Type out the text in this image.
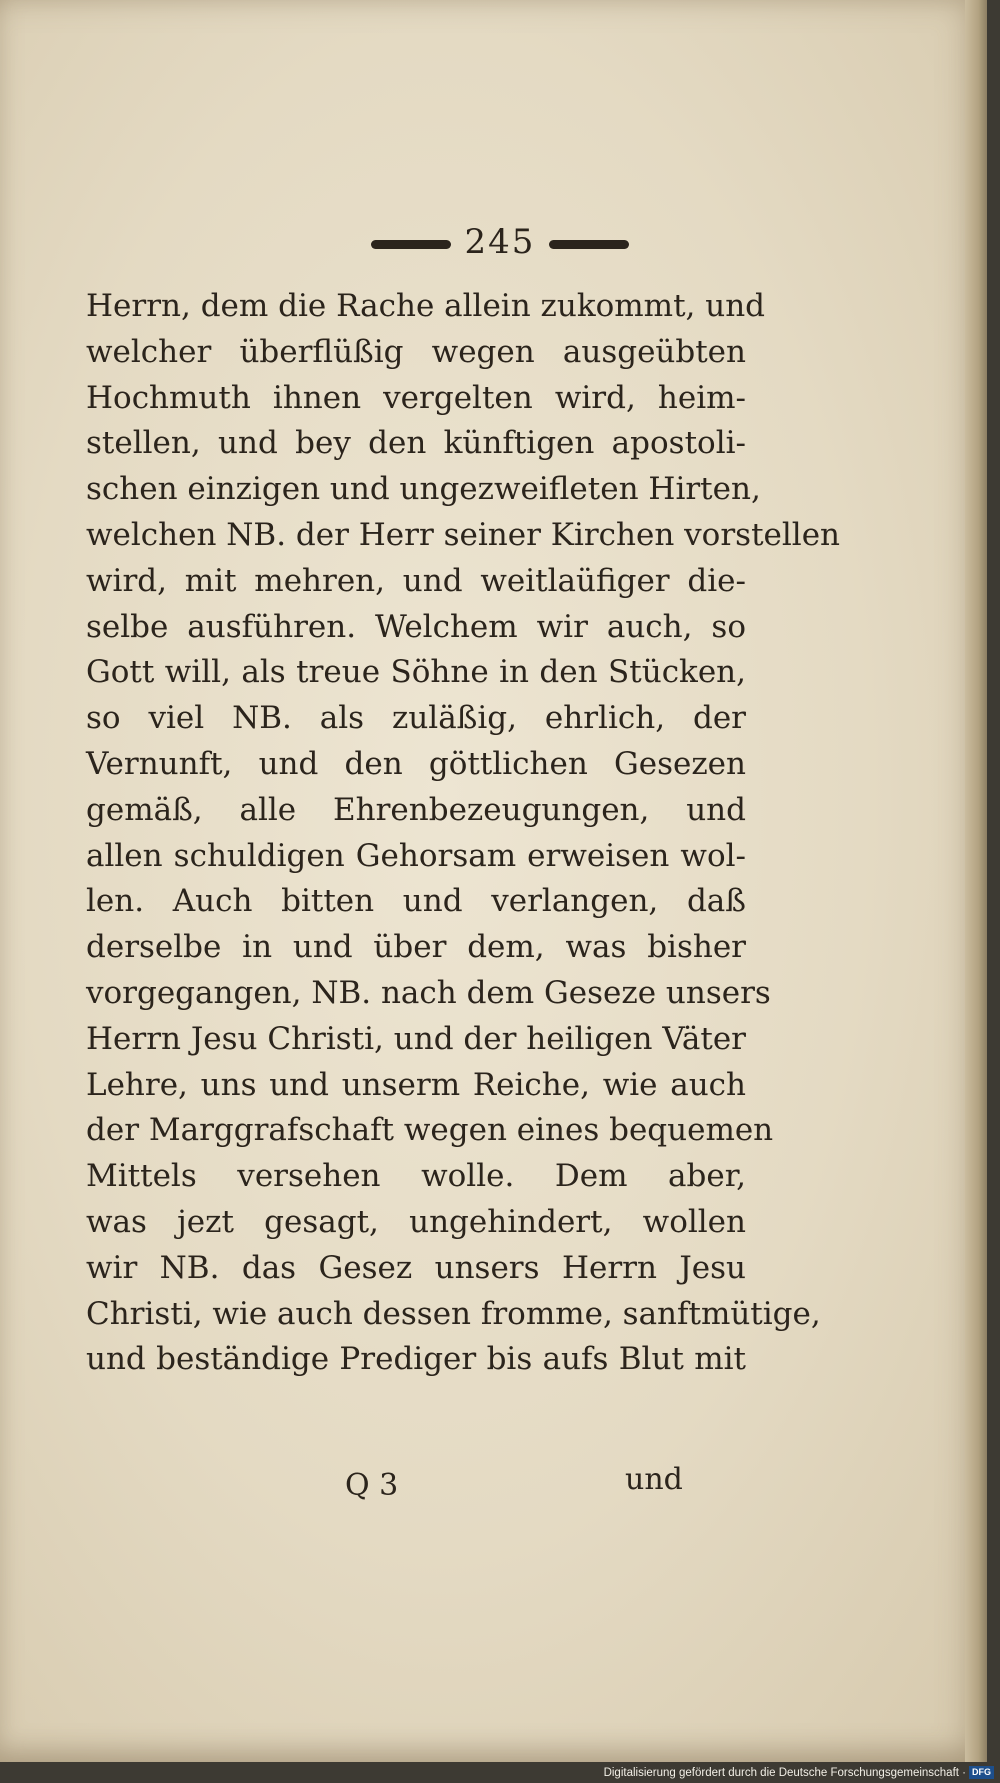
245
Herrn, dem die Rache allein zukommt, und
welcher überflüßig wegen ausgeübten
Hochmuth ihnen vergelten wird, heim-
stellen, und bey den künftigen apostoli-
schen einzigen und ungezweifleten Hirten,
welchen NB. der Herr seiner Kirchen vorstellen
wird, mit mehren, und weitlaüfiger die-
selbe ausführen. Welchem wir auch, so
Gott will, als treue Söhne in den Stücken,
so viel NB. als zuläßig, ehrlich, der
Vernunft, und den göttlichen Gesezen
gemäß, alle Ehrenbezeugungen, und
allen schuldigen Gehorsam erweisen wol-
len. Auch bitten und verlangen, daß
derselbe in und über dem, was bisher
vorgegangen, NB. nach dem Geseze unsers
Herrn Jesu Christi, und der heiligen Väter
Lehre, uns und unserm Reiche, wie auch
der Marggrafschaft wegen eines bequemen
Mittels versehen wolle. Dem aber,
was jezt gesagt, ungehindert, wollen
wir NB. das Gesez unsers Herrn Jesu
Christi, wie auch dessen fromme, sanftmütige,
und beständige Prediger bis aufs Blut mit
Q 3	und
Digitalisierung gefördert durch die Deutsche Forschungsgemeinschaft · DFG
